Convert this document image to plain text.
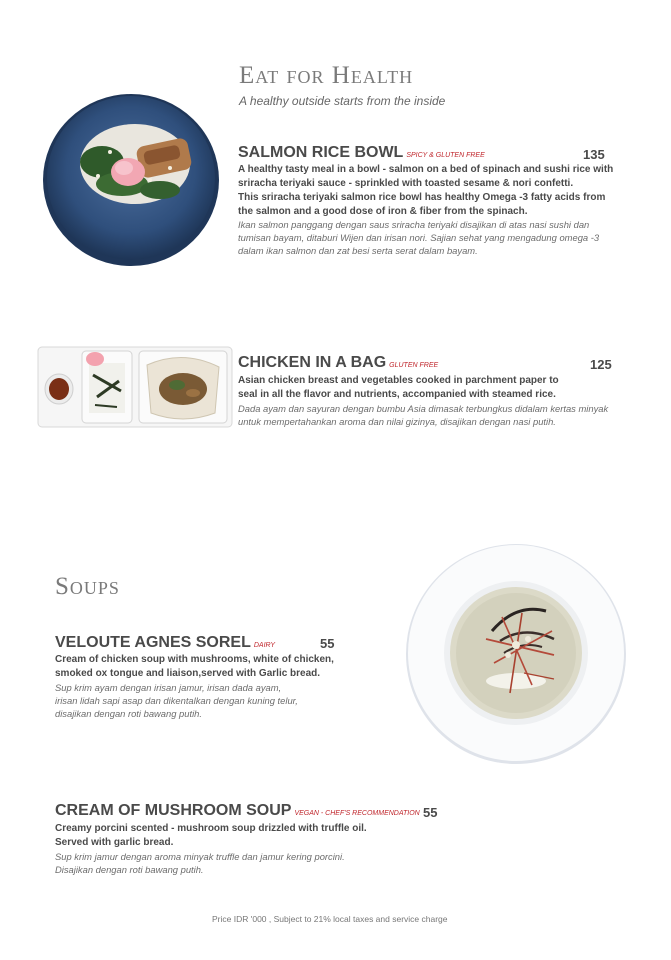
Eat for Health
A healthy outside starts from the inside
SALMON RICE BOWL SPICY & GLUTEN FREE	135
A healthy tasty meal in a bowl - salmon on a bed of spinach and sushi rice with
sriracha teriyaki sauce - sprinkled with toasted sesame & nori confetti.
This sriracha teriyaki salmon rice bowl has healthy Omega -3 fatty acids from
the salmon and a good dose of iron & fiber from the spinach.
Ikan salmon panggang dengan saus sriracha teriyaki disajikan di atas nasi sushi dan
tumisan bayam, ditaburi Wijen dan irisan nori. Sajian sehat yang mengadung omega -3
dalam ikan salmon dan zat besi serta serat dalam bayam.
CHICKEN IN A BAG GLUTEN FREE	125
Asian chicken breast and vegetables cooked in parchment paper to
seal in all the flavor and nutrients, accompanied with steamed rice.
Dada ayam dan sayuran dengan bumbu Asia dimasak terbungkus didalam kertas minyak
untuk mempertahankan aroma dan nilai gizinya, disajikan dengan nasi putih.
Soups
VELOUTE AGNES SOREL DAIRY	55
Cream of chicken soup with mushrooms, white of chicken,
smoked ox tongue and liaison,served with Garlic bread.
Sup krim ayam dengan irisan jamur, irisan dada ayam,
irisan lidah sapi asap dan dikentalkan dengan kuning telur,
disajikan dengan roti bawang putih.
CREAM OF MUSHROOM SOUP VEGAN - CHEF'S RECOMMENDATION 55
Creamy porcini scented - mushroom soup drizzled with truffle oil.
Served with garlic bread.
Sup krim jamur dengan aroma minyak truffle dan jamur kering porcini.
Disajikan dengan roti bawang putih.
Price IDR '000 , Subject to 21% local taxes and service charge
